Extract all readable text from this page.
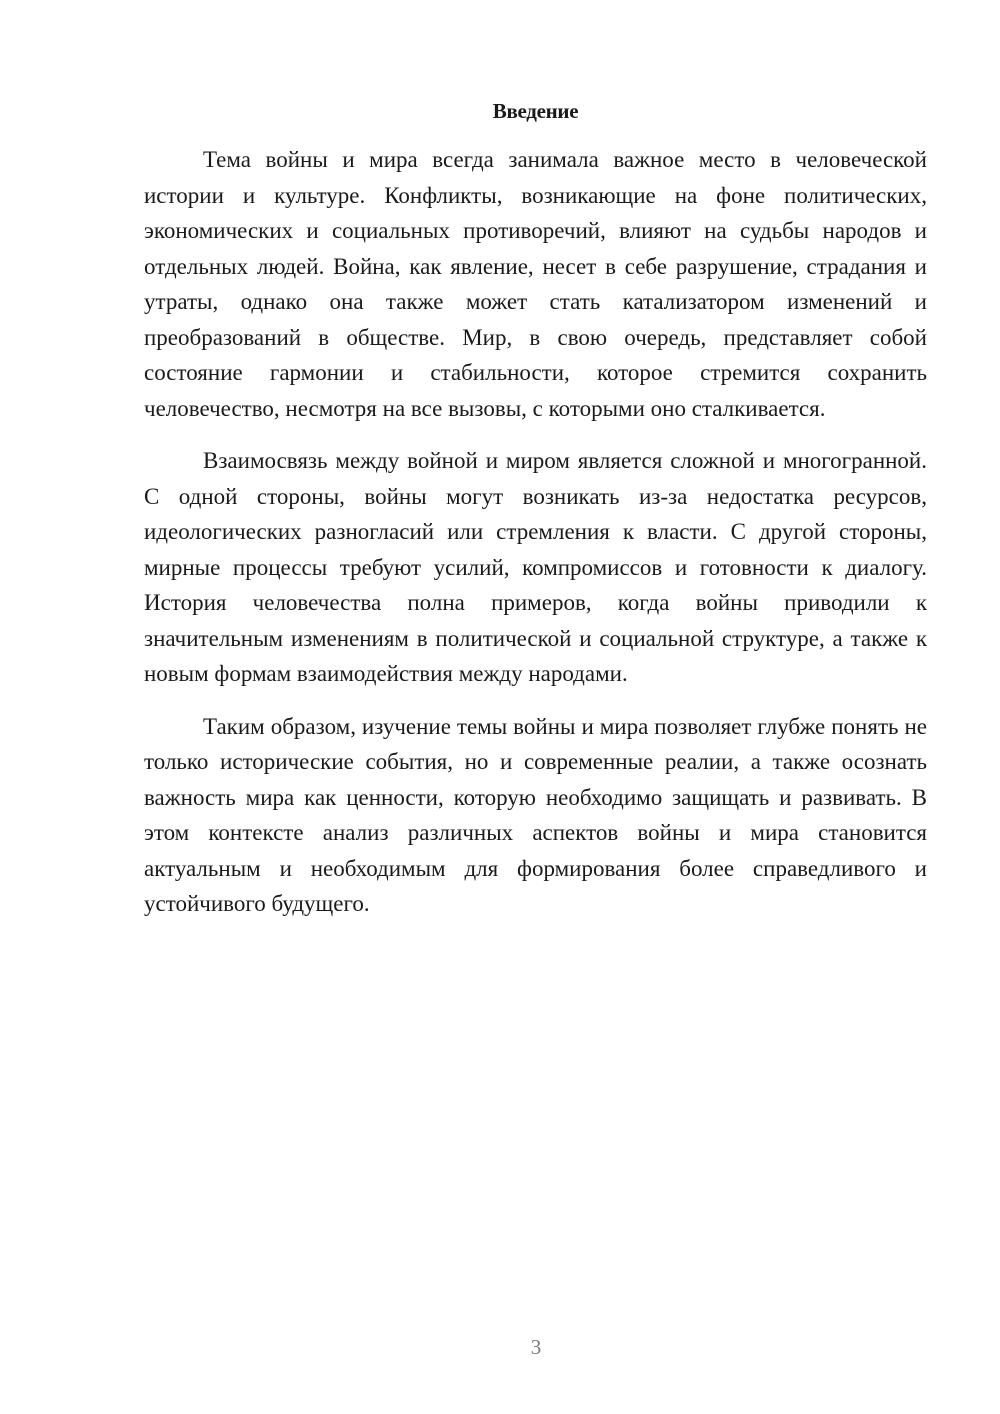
Введение

Тема войны и мира всегда занимала важное место в человеческой истории и культуре. Конфликты, возникающие на фоне политических, экономических и социальных противоречий, влияют на судьбы народов и отдельных людей. Война, как явление, несет в себе разрушение, страдания и утраты, однако она также может стать катализатором изменений и преобразований в обществе. Мир, в свою очередь, представляет собой состояние гармонии и стабильности, которое стремится сохранить человечество, несмотря на все вызовы, с которыми оно сталкивается.

Взаимосвязь между войной и миром является сложной и многогранной. С одной стороны, войны могут возникать из-за недостатка ресурсов, идеологических разногласий или стремления к власти. С другой стороны, мирные процессы требуют усилий, компромиссов и готовности к диалогу. История человечества полна примеров, когда войны приводили к значительным изменениям в политической и социальной структуре, а также к новым формам взаимодействия между народами.

Таким образом, изучение темы войны и мира позволяет глубже понять не только исторические события, но и современные реалии, а также осознать важность мира как ценности, которую необходимо защищать и развивать. В этом контексте анализ различных аспектов войны и мира становится актуальным и необходимым для формирования более справедливого и устойчивого будущего.

3
